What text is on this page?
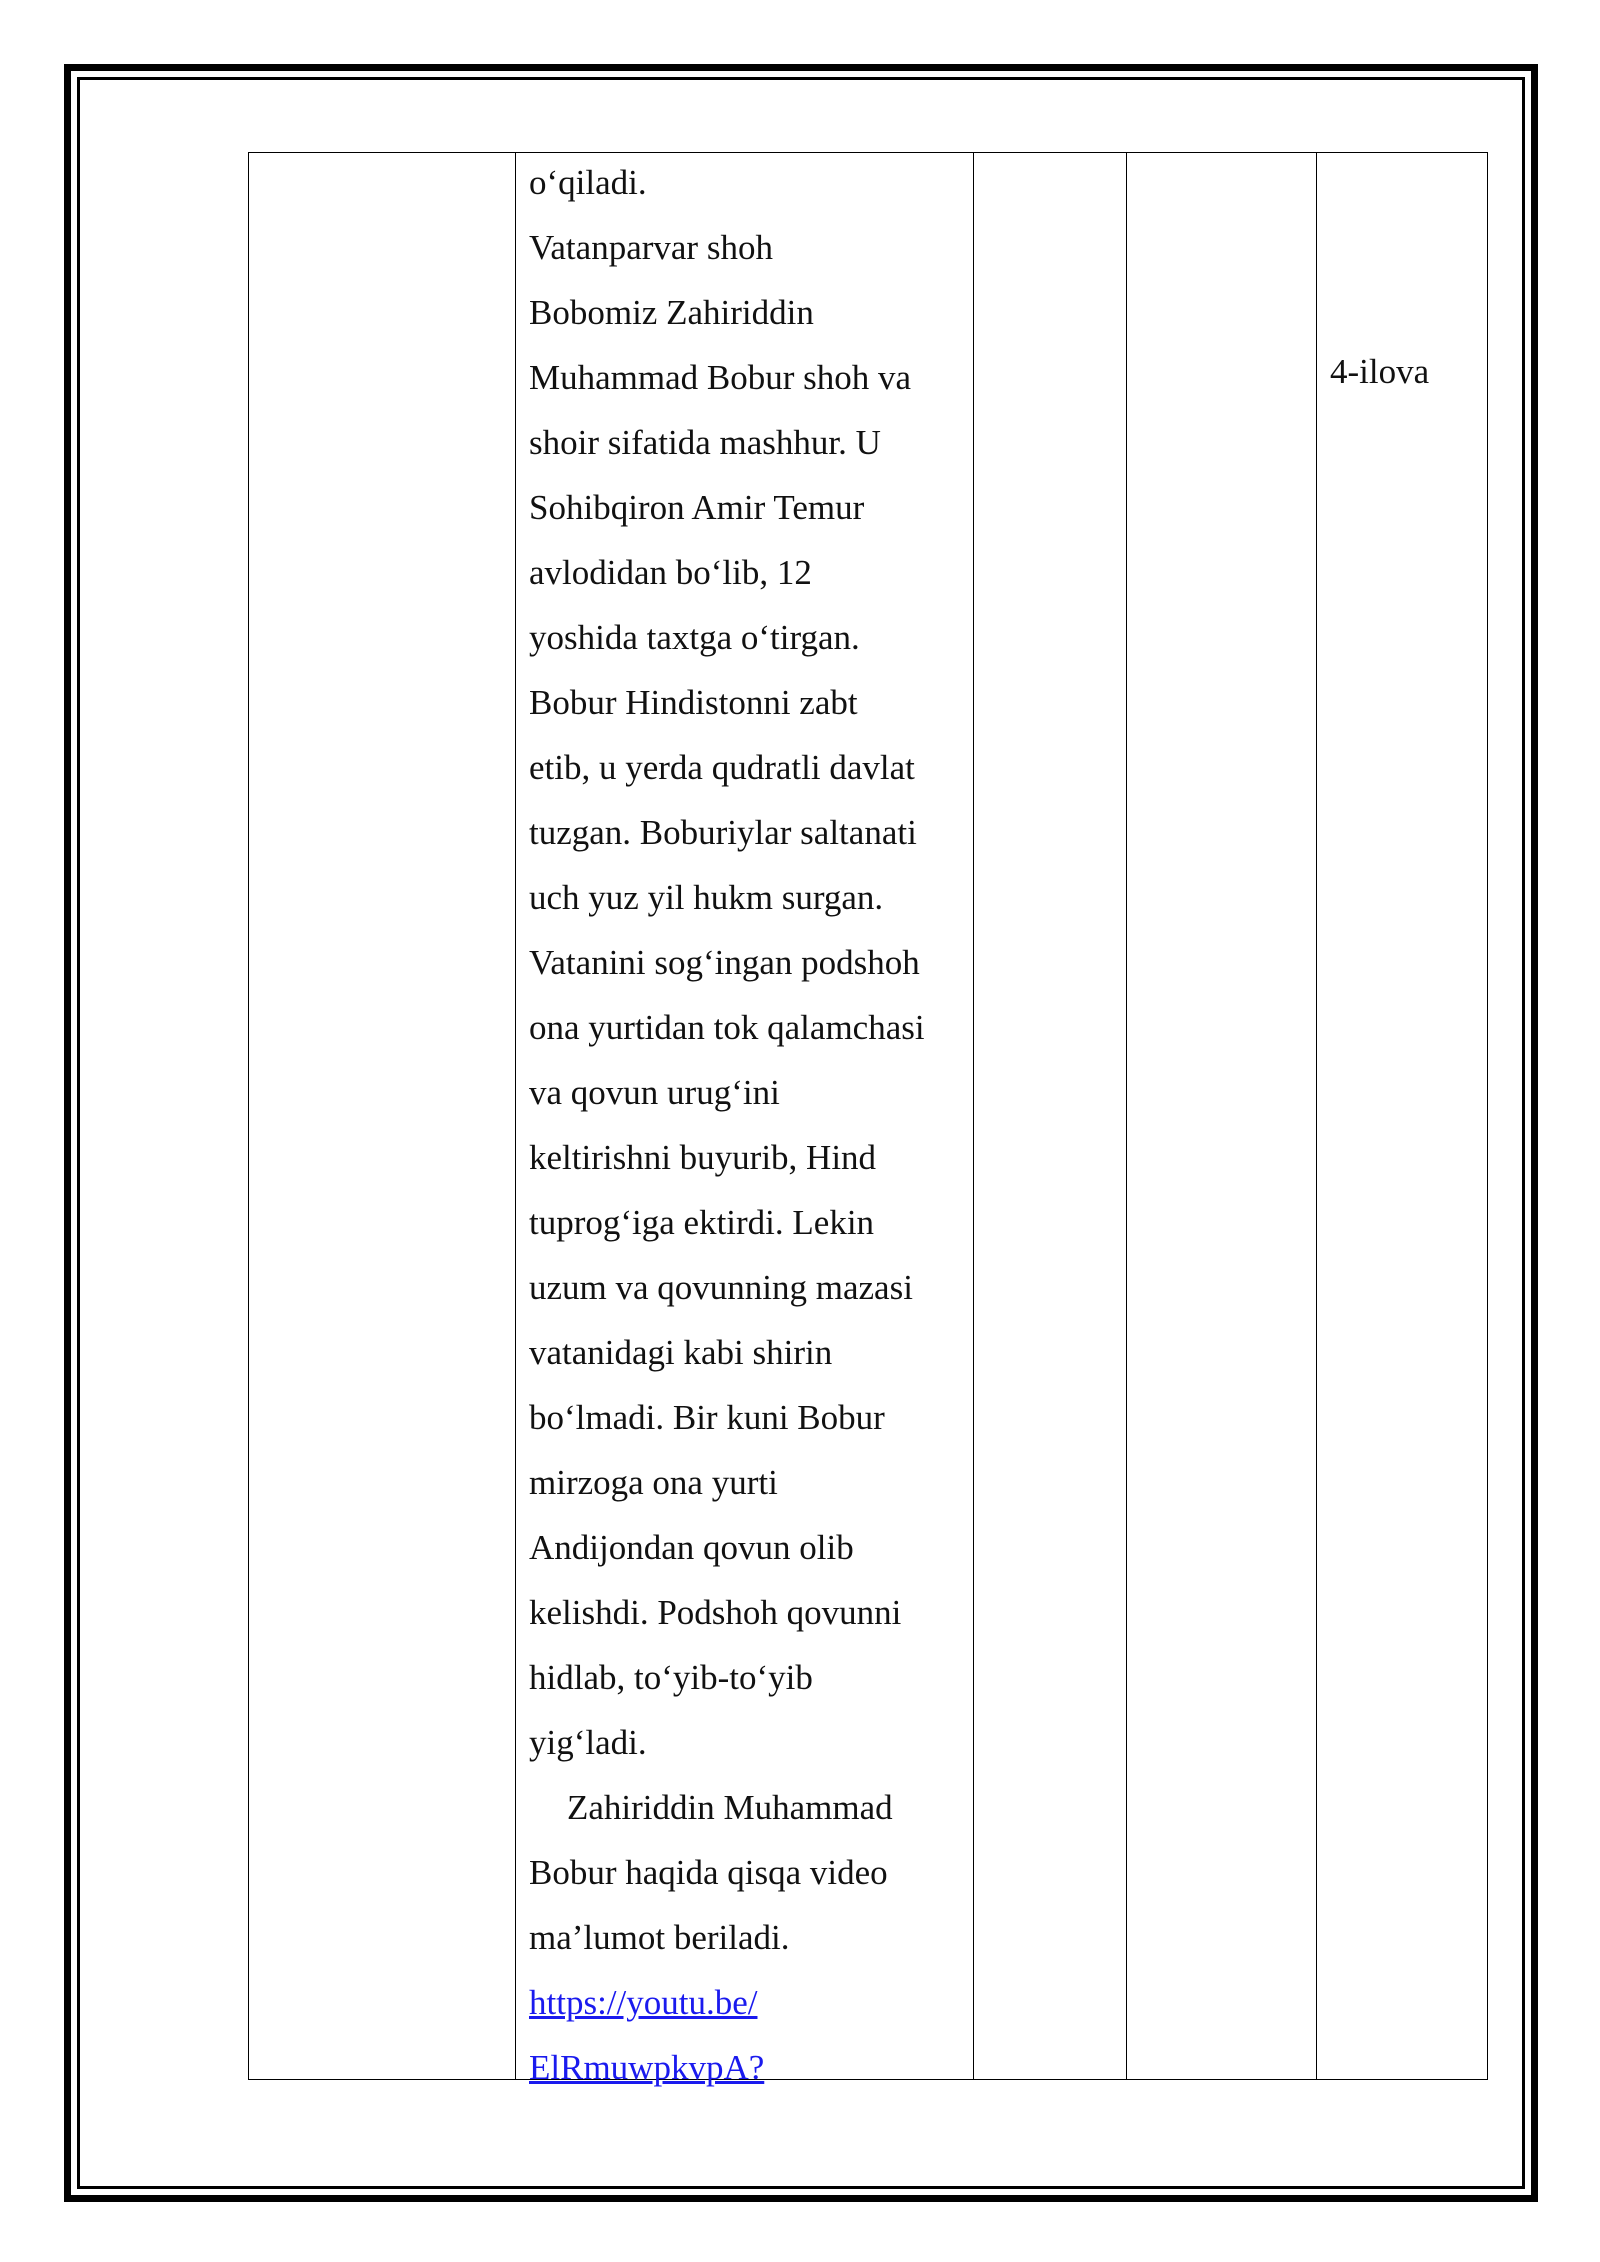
o‘qiladi.

Vatanparvar shoh

Bobomiz Zahiriddin

Muhammad Bobur shoh va

shoir sifatida mashhur. U

Sohibqiron Amir Temur

avlodidan bo‘lib, 12

yoshida taxtga o‘tirgan.

Bobur Hindistonni zabt

etib, u yerda qudratli davlat

tuzgan. Boburiylar saltanati

uch yuz yil hukm surgan.

Vatanini sog‘ingan podshoh

ona yurtidan tok qalamchasi

va qovun urug‘ini

keltirishni buyurib, Hind

tuprog‘iga ektirdi. Lekin

uzum va qovunning mazasi

vatanidagi kabi shirin

bo‘lmadi. Bir kuni Bobur

mirzoga ona yurti

Andijondan qovun olib

kelishdi. Podshoh qovunni

hidlab, to‘yib-to‘yib

yig‘ladi.

Zahiriddin Muhammad

Bobur haqida qisqa video

ma’lumot beriladi.

https://youtu.be/

ElRmuwpkvpA?

4-ilova
